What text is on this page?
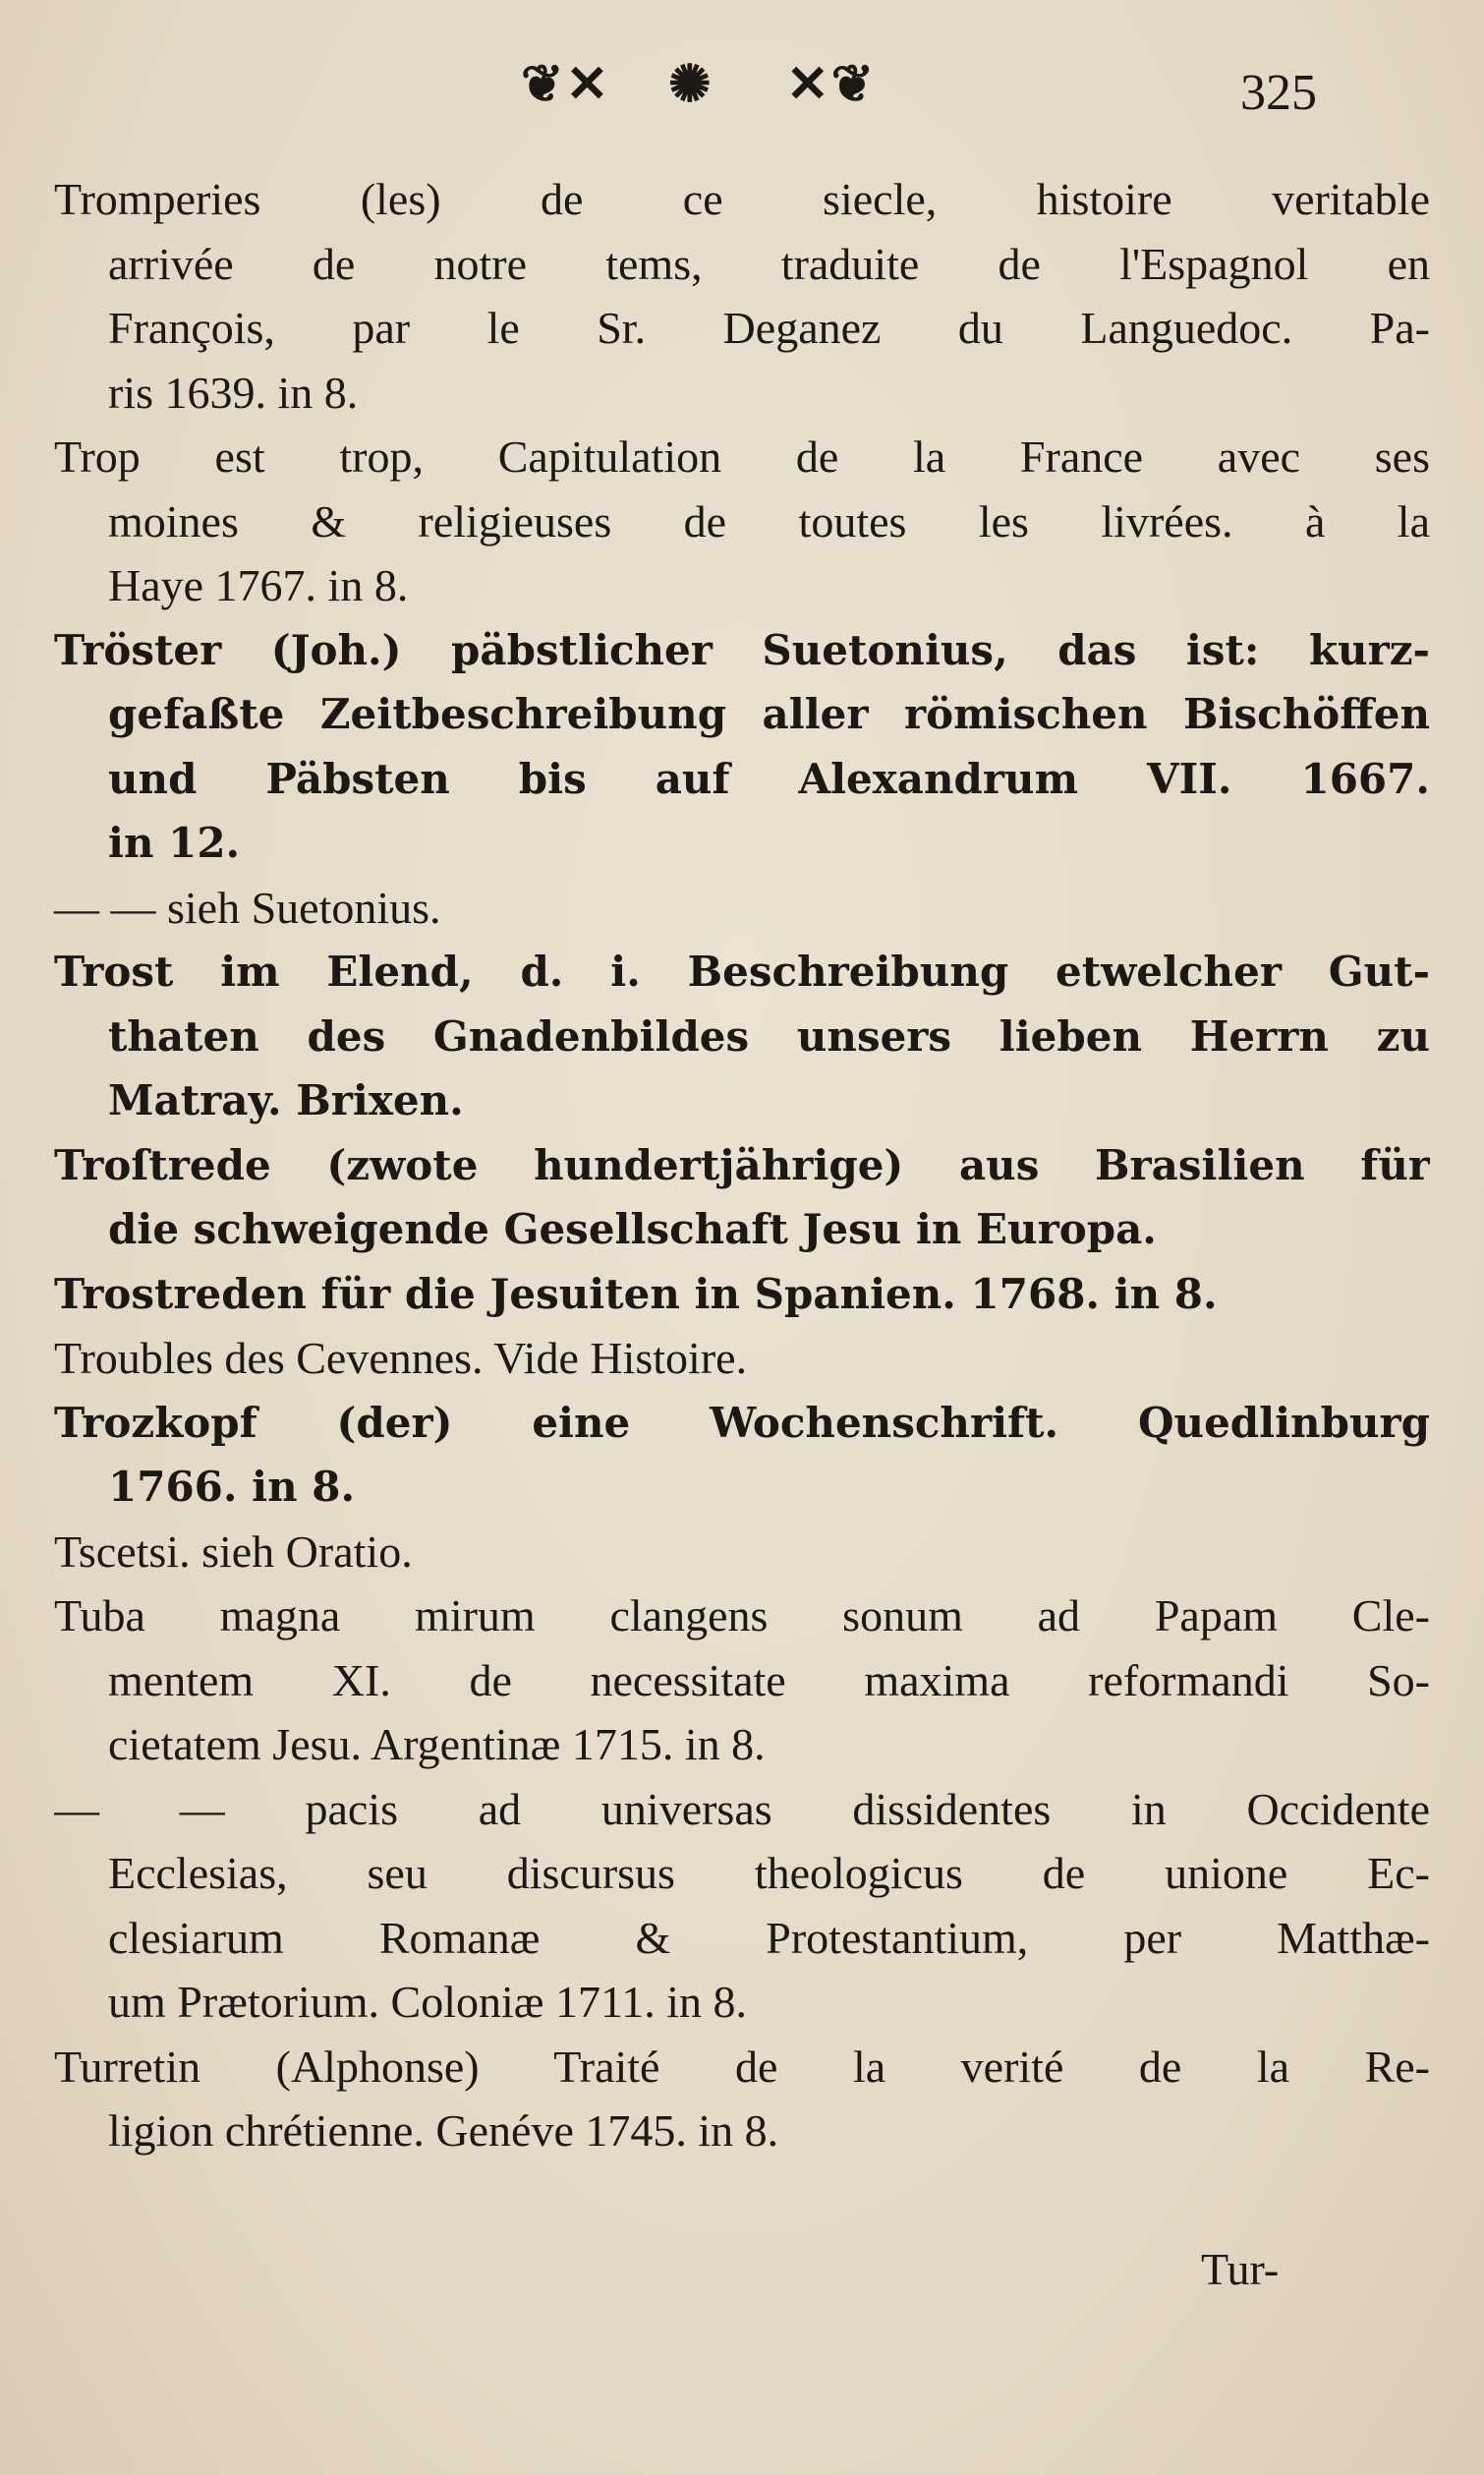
❦✕ ✺ ✕❦	325
Tromperies (les) de ce siecle, histoire veritable
arrivée de notre tems, traduite de l'Espagnol en
François, par le Sr. Deganez du Languedoc. Pa-
ris 1639. in 8.
Trop est trop, Capitulation de la France avec ses
moines & religieuses de toutes les livrées. à la
Haye 1767. in 8.
Tröster (Joh.) päbstlicher Suetonius, das ist: kurz-
gefaßte Zeitbeschreibung aller römischen Bischöffen
und Päbsten bis auf Alexandrum VII. 1667.
in 12.
— — sieh Suetonius.
Trost im Elend, d. i. Beschreibung etwelcher Gut-
thaten des Gnadenbildes unsers lieben Herrn zu
Matray. Brixen.
Troſtrede (zwote hundertjährige) aus Brasilien für
die schweigende Gesellschaft Jesu in Europa.
Trostreden für die Jesuiten in Spanien. 1768. in 8.
Troubles des Cevennes. Vide Histoire.
Trozkopf (der) eine Wochenschrift. Quedlinburg
1766. in 8.
Tscetsi. sieh Oratio.
Tuba magna mirum clangens sonum ad Papam Cle-
mentem XI. de necessitate maxima reformandi So-
cietatem Jesu. Argentinæ 1715. in 8.
— — pacis ad universas dissidentes in Occidente
Ecclesias, seu discursus theologicus de unione Ec-
clesiarum Romanæ & Protestantium, per Matthæ-
um Prætorium. Coloniæ 1711. in 8.
Turretin (Alphonse) Traité de la verité de la Re-
ligion chrétienne. Genéve 1745. in 8.
Tur-
